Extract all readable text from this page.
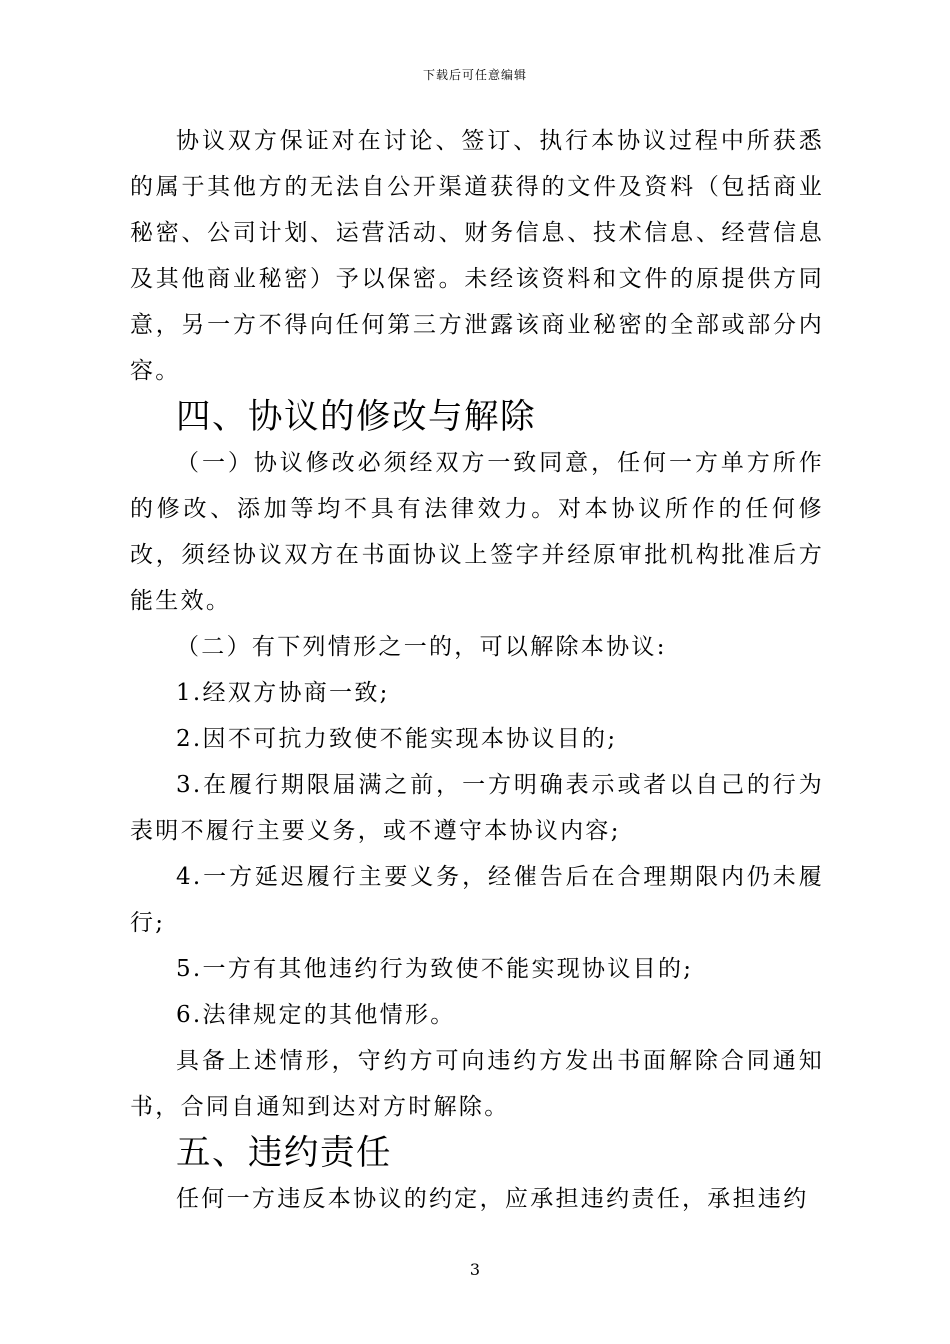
下载后可任意编辑

协议双方保证对在讨论、签订、执行本协议过程中所获悉的属于其他方的无法自公开渠道获得的文件及资料（包括商业秘密、公司计划、运营活动、财务信息、技术信息、经营信息及其他商业秘密）予以保密。未经该资料和文件的原提供方同意，另一方不得向任何第三方泄露该商业秘密的全部或部分内容。

四、协议的修改与解除

（一）协议修改必须经双方一致同意，任何一方单方所作的修改、添加等均不具有法律效力。对本协议所作的任何修改，须经协议双方在书面协议上签字并经原审批机构批准后方能生效。

（二）有下列情形之一的，可以解除本协议:

1.经双方协商一致;

2.因不可抗力致使不能实现本协议目的;

3.在履行期限届满之前，一方明确表示或者以自己的行为表明不履行主要义务，或不遵守本协议内容;

4.一方延迟履行主要义务，经催告后在合理期限内仍未履行;

5.一方有其他违约行为致使不能实现协议目的;

6.法律规定的其他情形。

具备上述情形，守约方可向违约方发出书面解除合同通知书，合同自通知到达对方时解除。

五、违约责任

任何一方违反本协议的约定，应承担违约责任，承担违约

3
